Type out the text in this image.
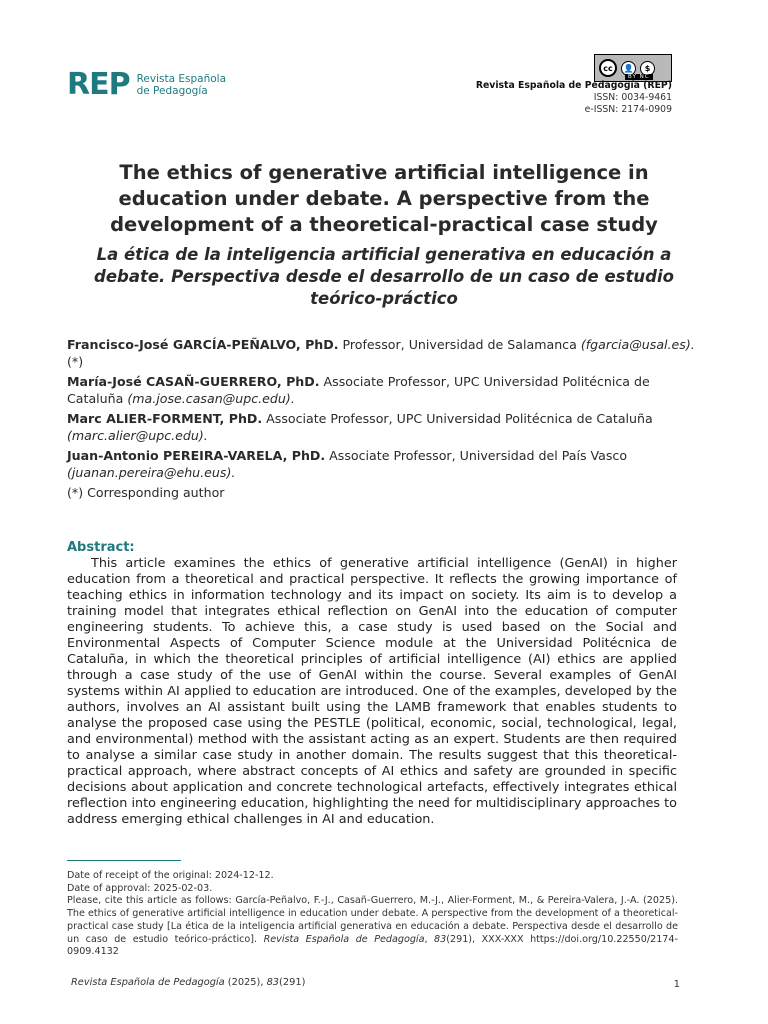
REP Revista Española
de Pedagogía
cc	👤	$
BY NC
Revista Española de Pedagogía (REP)
ISSN: 0034-9461
e-ISSN: 2174-0909
The ethics of generative artificial intelligence in education under debate. A perspective from the development of a theoretical-practical case study
La ética de la inteligencia artificial generativa en educación a debate. Perspectiva desde el desarrollo de un caso de estudio teórico-práctico
Francisco-José GARCÍA-PEÑALVO, PhD. Professor, Universidad de Salamanca (fgarcia@usal.es). (*)
María-José CASAÑ-GUERRERO, PhD. Associate Professor, UPC Universidad Politécnica de Cataluña (ma.jose.casan@upc.edu).
Marc ALIER-FORMENT, PhD. Associate Professor, UPC Universidad Politécnica de Cataluña (marc.alier@upc.edu).
Juan-Antonio PEREIRA-VARELA, PhD. Associate Professor, Universidad del País Vasco (juanan.pereira@ehu.eus).
(*) Corresponding author
Abstract:

This article examines the ethics of generative artificial intelligence (GenAI) in higher education from a theoretical and practical perspective. It reflects the growing importance of teaching ethics in information technology and its impact on society. Its aim is to develop a training model that integrates ethical reflection on GenAI into the education of computer engineering students. To achieve this, a case study is used based on the Social and Environmental Aspects of Computer Science module at the Universidad Politécnica de Cataluña, in which the theoretical principles of artificial intelligence (AI) ethics are applied through a case study of the use of GenAI within the course. Several examples of GenAI systems within AI applied to education are introduced. One of the examples, developed by the authors, involves an AI assistant built using the LAMB framework that enables students to analyse the proposed case using the PESTLE (political, economic, social, technological, legal, and environmental) method with the assistant acting as an expert. Students are then required to analyse a similar case study in another domain. The results suggest that this theoretical-practical approach, where abstract concepts of AI ethics and safety are grounded in specific decisions about application and concrete technological artefacts, effectively integrates ethical reflection into engineering education, highlighting the need for multidisciplinary approaches to address emerging ethical challenges in AI and education.

Date of receipt of the original: 2024-12-12.

Date of approval: 2025-02-03.

Please, cite this article as follows: García-Peñalvo, F.-J., Casañ-Guerrero, M.-J., Alier-Forment, M., & Pereira-Valera, J.-A. (2025). The ethics of generative artificial intelligence in education under debate. A perspective from the development of a theoretical-practical case study [La ética de la inteligencia artificial generativa en educación a debate. Perspectiva desde el desarrollo de un caso de estudio teórico-práctico]. Revista Española de Pedagogía, 83(291), XXX-XXX https://doi.org/10.22550/2174-0909.4132

Revista Española de Pedagogía (2025), 83(291)	1
